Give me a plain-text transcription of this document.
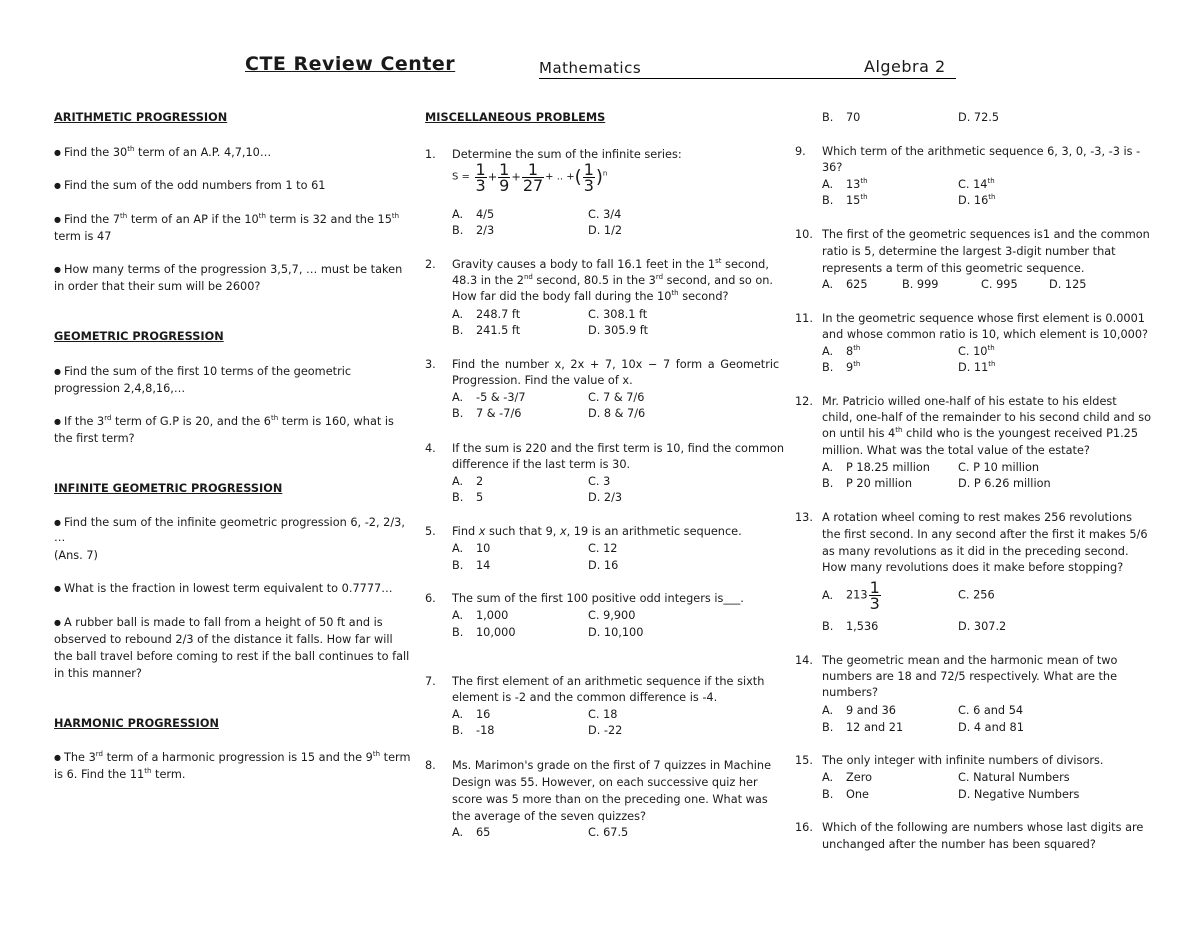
CTE Review Center	Mathematics	Algebra 2
ARITHMETIC PROGRESSION
● Find the 30th term of an A.P. 4,7,10…
● Find the sum of the odd numbers from 1 to 61
● Find the 7th term of an AP if the 10th term is 32 and the 15th
term is 47
● How many terms of the progression 3,5,7, … must be taken
in order that their sum will be 2600?
GEOMETRIC PROGRESSION
● Find the sum of the first 10 terms of the geometric
progression 2,4,8,16,…
● If the 3rd term of G.P is 20, and the 6th term is 160, what is
the first term?
INFINITE GEOMETRIC PROGRESSION
● Find the sum of the infinite geometric progression 6, -2, 2/3,
…
(Ans. 7)
● What is the fraction in lowest term equivalent to 0.7777…
● A rubber ball is made to fall from a height of 50 ft and is
observed to rebound 2/3 of the distance it falls. How far will
the ball travel before coming to rest if the ball continues to fall
in this manner?
HARMONIC PROGRESSION
● The 3rd term of a harmonic progression is 15 and the 9th term
is 6. Find the 11th term.
MISCELLANEOUS PROBLEMS
1. Determine the sum of the infinite series:
$S = \frac{1}{3} +\frac{1}{9} +\frac{1}{27}$ + .. $+(\frac{1}{3} )^n$
A. 4/5	C. 3/4
B. 2/3	D. 1/2
2. Gravity causes a body to fall 16.1 feet in the 1st second,
48.3 in the 2nd second, 80.5 in the 3rd second, and so on.
How far did the body fall during the 10th second?
A. 248.7 ft	C. 308.1 ft
B. 241.5 ft	D. 305.9 ft
3. Find the number x, 2x + 7, 10x − 7 form a Geometric
Progression. Find the value of x.
A. -5 & -3/7	C. 7 & 7/6
B. 7 & -7/6	D. 8 & 7/6
4. If the sum is 220 and the first term is 10, find the common
difference if the last term is 30.
A. 2	C. 3
B. 5	D. 2/3
5. Find x such that 9, x, 19 is an arithmetic sequence.
A. 10	C. 12
B. 14	D. 16
6. The sum of the first 100 positive odd integers is___.
A. 1,000	C. 9,900
B. 10,000	D. 10,100
7. The first element of an arithmetic sequence if the sixth
element is -2 and the common difference is -4.
A. 16	C. 18
B. -18	D. -22
8. Ms. Marimon's grade on the first of 7 quizzes in Machine
Design was 55. However, on each successive quiz her
score was 5 more than on the preceding one. What was
the average of the seven quizzes?
A. 65	C. 67.5
B. 70	D. 72.5
9. Which term of the arithmetic sequence 6, 3, 0, -3, -3 is -
36?
A. 13th	C. 14th
B. 15th	D. 16th
10. The first of the geometric sequences is1 and the common
ratio is 5, determine the largest 3-digit number that
represents a term of this geometric sequence.
A. 625	B. 999	C. 995	D. 125
11. In the geometric sequence whose first element is 0.0001
and whose common ratio is 10, which element is 10,000?
A. 8th	C. 10th
B. 9th	D. 11th
12. Mr. Patricio willed one-half of his estate to his eldest
child, one-half of the remainder to his second child and so
on until his 4th child who is the youngest received P1.25
million. What was the total value of the estate?
A. P 18.25 million C. P 10 million
B. P 20 million	D. P 6.26 million
13. A rotation wheel coming to rest makes 256 revolutions
the first second. In any second after the first it makes 5/6
as many revolutions as it did in the preceding second.
How many revolutions does it make before stopping?
A. $213\frac{1}{3}$	C. 256
B. 1,536	D. 307.2
14. The geometric mean and the harmonic mean of two
numbers are 18 and 72/5 respectively. What are the
numbers?
A. 9 and 36	C. 6 and 54
B. 12 and 21	D. 4 and 81
15. The only integer with infinite numbers of divisors.
A. Zero	C. Natural Numbers
B. One	D. Negative Numbers
16. Which of the following are numbers whose last digits are
unchanged after the number has been squared?
